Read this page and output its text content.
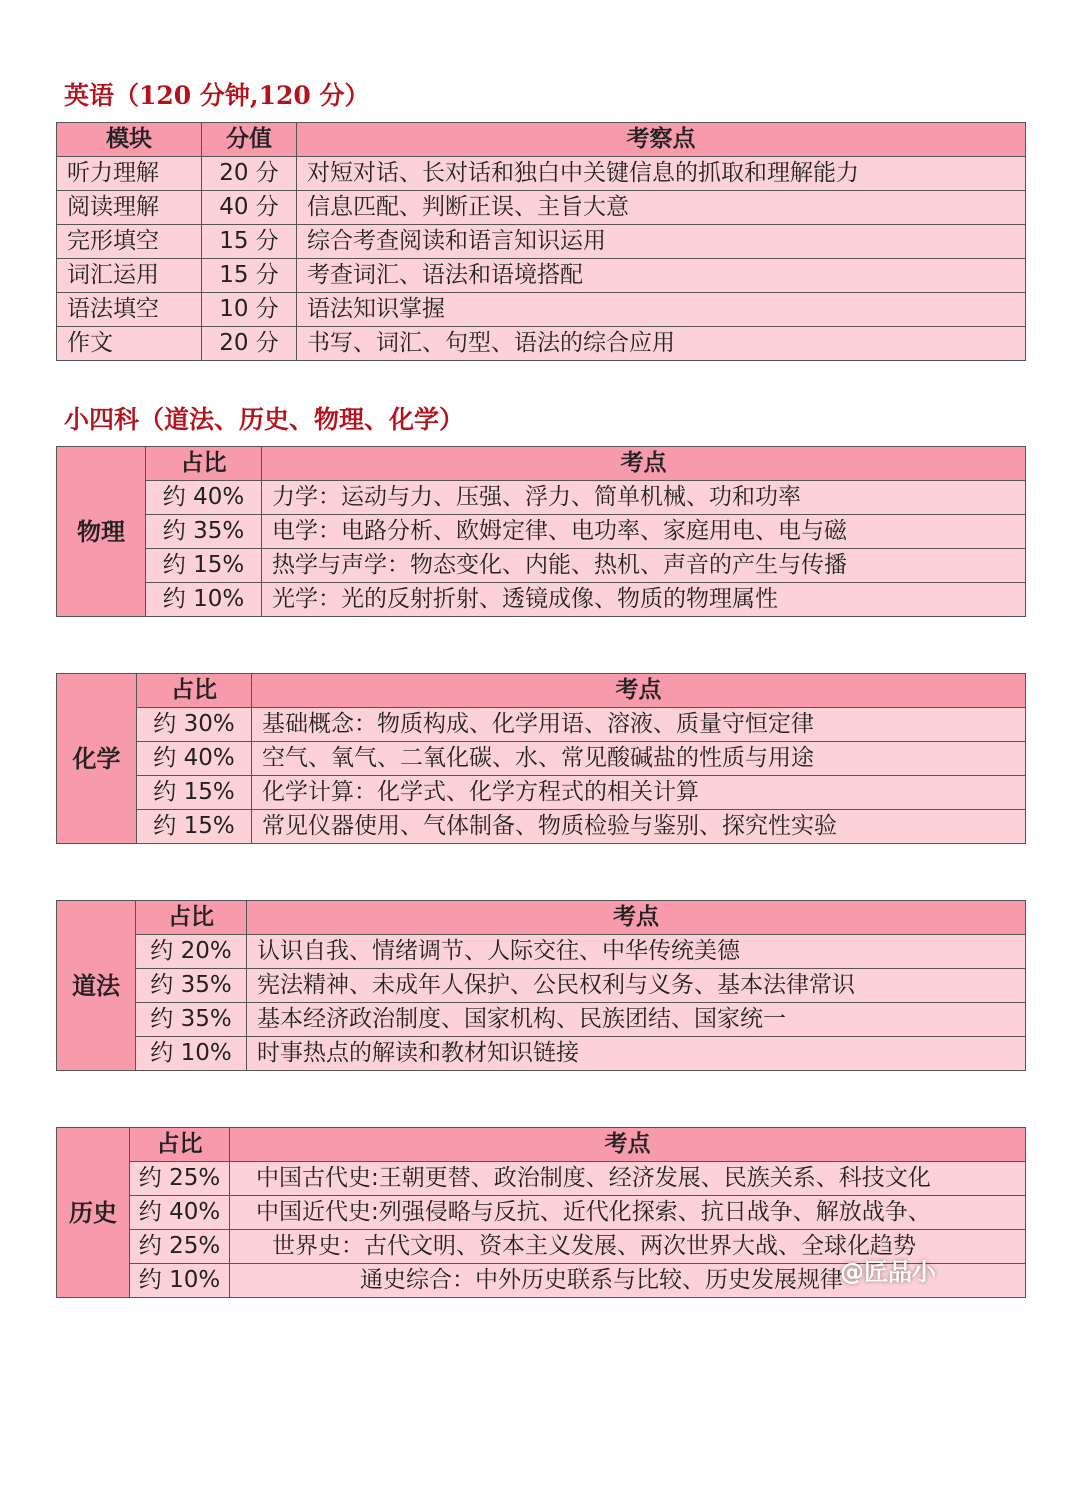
英语（120 分钟,120 分）
模块	分值	考察点
听力理解	20 分	对短对话、长对话和独白中关键信息的抓取和理解能力
阅读理解	40 分	信息匹配、判断正误、主旨大意
完形填空	15 分	综合考查阅读和语言知识运用
词汇运用	15 分	考查词汇、语法和语境搭配
语法填空	10 分	语法知识掌握
作文	20 分	书写、词汇、句型、语法的综合应用
小四科（道法、历史、物理、化学）
物理	占比	考点
	约 40%	力学：运动与力、压强、浮力、简单机械、功和功率
	约 35%	电学：电路分析、欧姆定律、电功率、家庭用电、电与磁
	约 15%	热学与声学：物态变化、内能、热机、声音的产生与传播
	约 10%	光学：光的反射折射、透镜成像、物质的物理属性
化学	占比	考点
	约 30%	基础概念：物质构成、化学用语、溶液、质量守恒定律
	约 40%	空气、氧气、二氧化碳、水、常见酸碱盐的性质与用途
	约 15%	化学计算：化学式、化学方程式的相关计算
	约 15%	常见仪器使用、气体制备、物质检验与鉴别、探究性实验
道法	占比	考点
	约 20%	认识自我、情绪调节、人际交往、中华传统美德
	约 35%	宪法精神、未成年人保护、公民权利与义务、基本法律常识
	约 35%	基本经济政治制度、国家机构、民族团结、国家统一
	约 10%	时事热点的解读和教材知识链接
历史	占比	考点
	约 25%	中国古代史:王朝更替、政治制度、经济发展、民族关系、科技文化
	约 40%	中国近代史:列强侵略与反抗、近代化探索、抗日战争、解放战争、
	约 25%	世界史：古代文明、资本主义发展、两次世界大战、全球化趋势
	约 10%	通史综合：中外历史联系与比较、历史发展规律
@匠品小
